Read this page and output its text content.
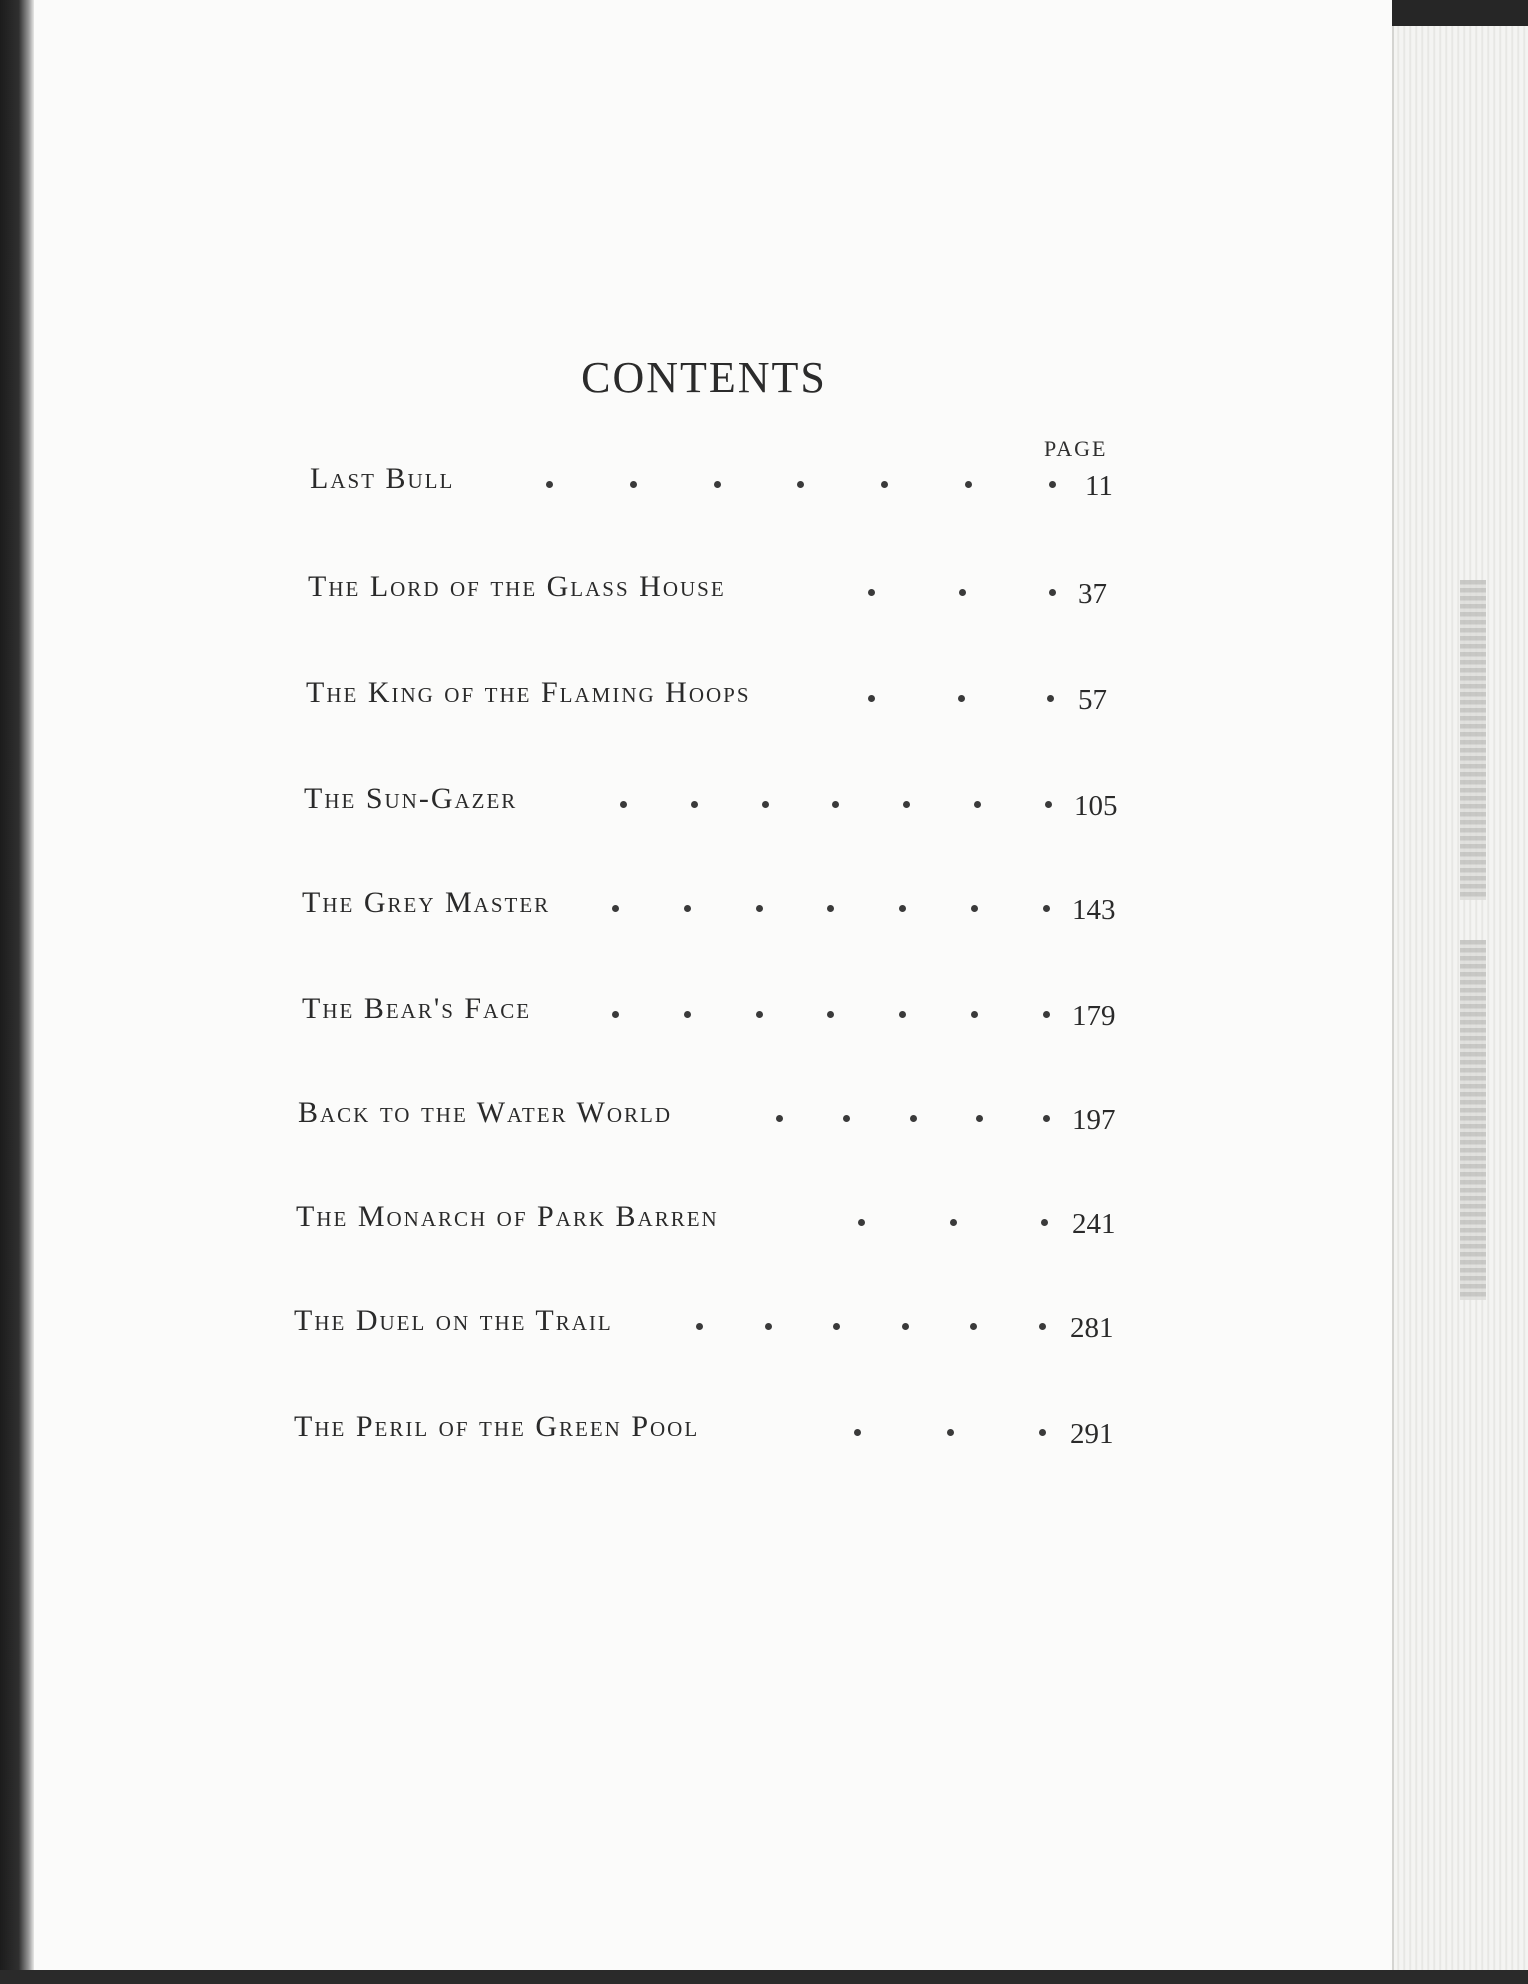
CONTENTS
PAGE
Last Bull	11
The Lord of the Glass House	37
The King of the Flaming Hoops	57
The Sun-Gazer	105
The Grey Master	143
The Bear's Face	179
Back to the Water World	197
The Monarch of Park Barren	241
The Duel on the Trail	281
The Peril of the Green Pool	291
